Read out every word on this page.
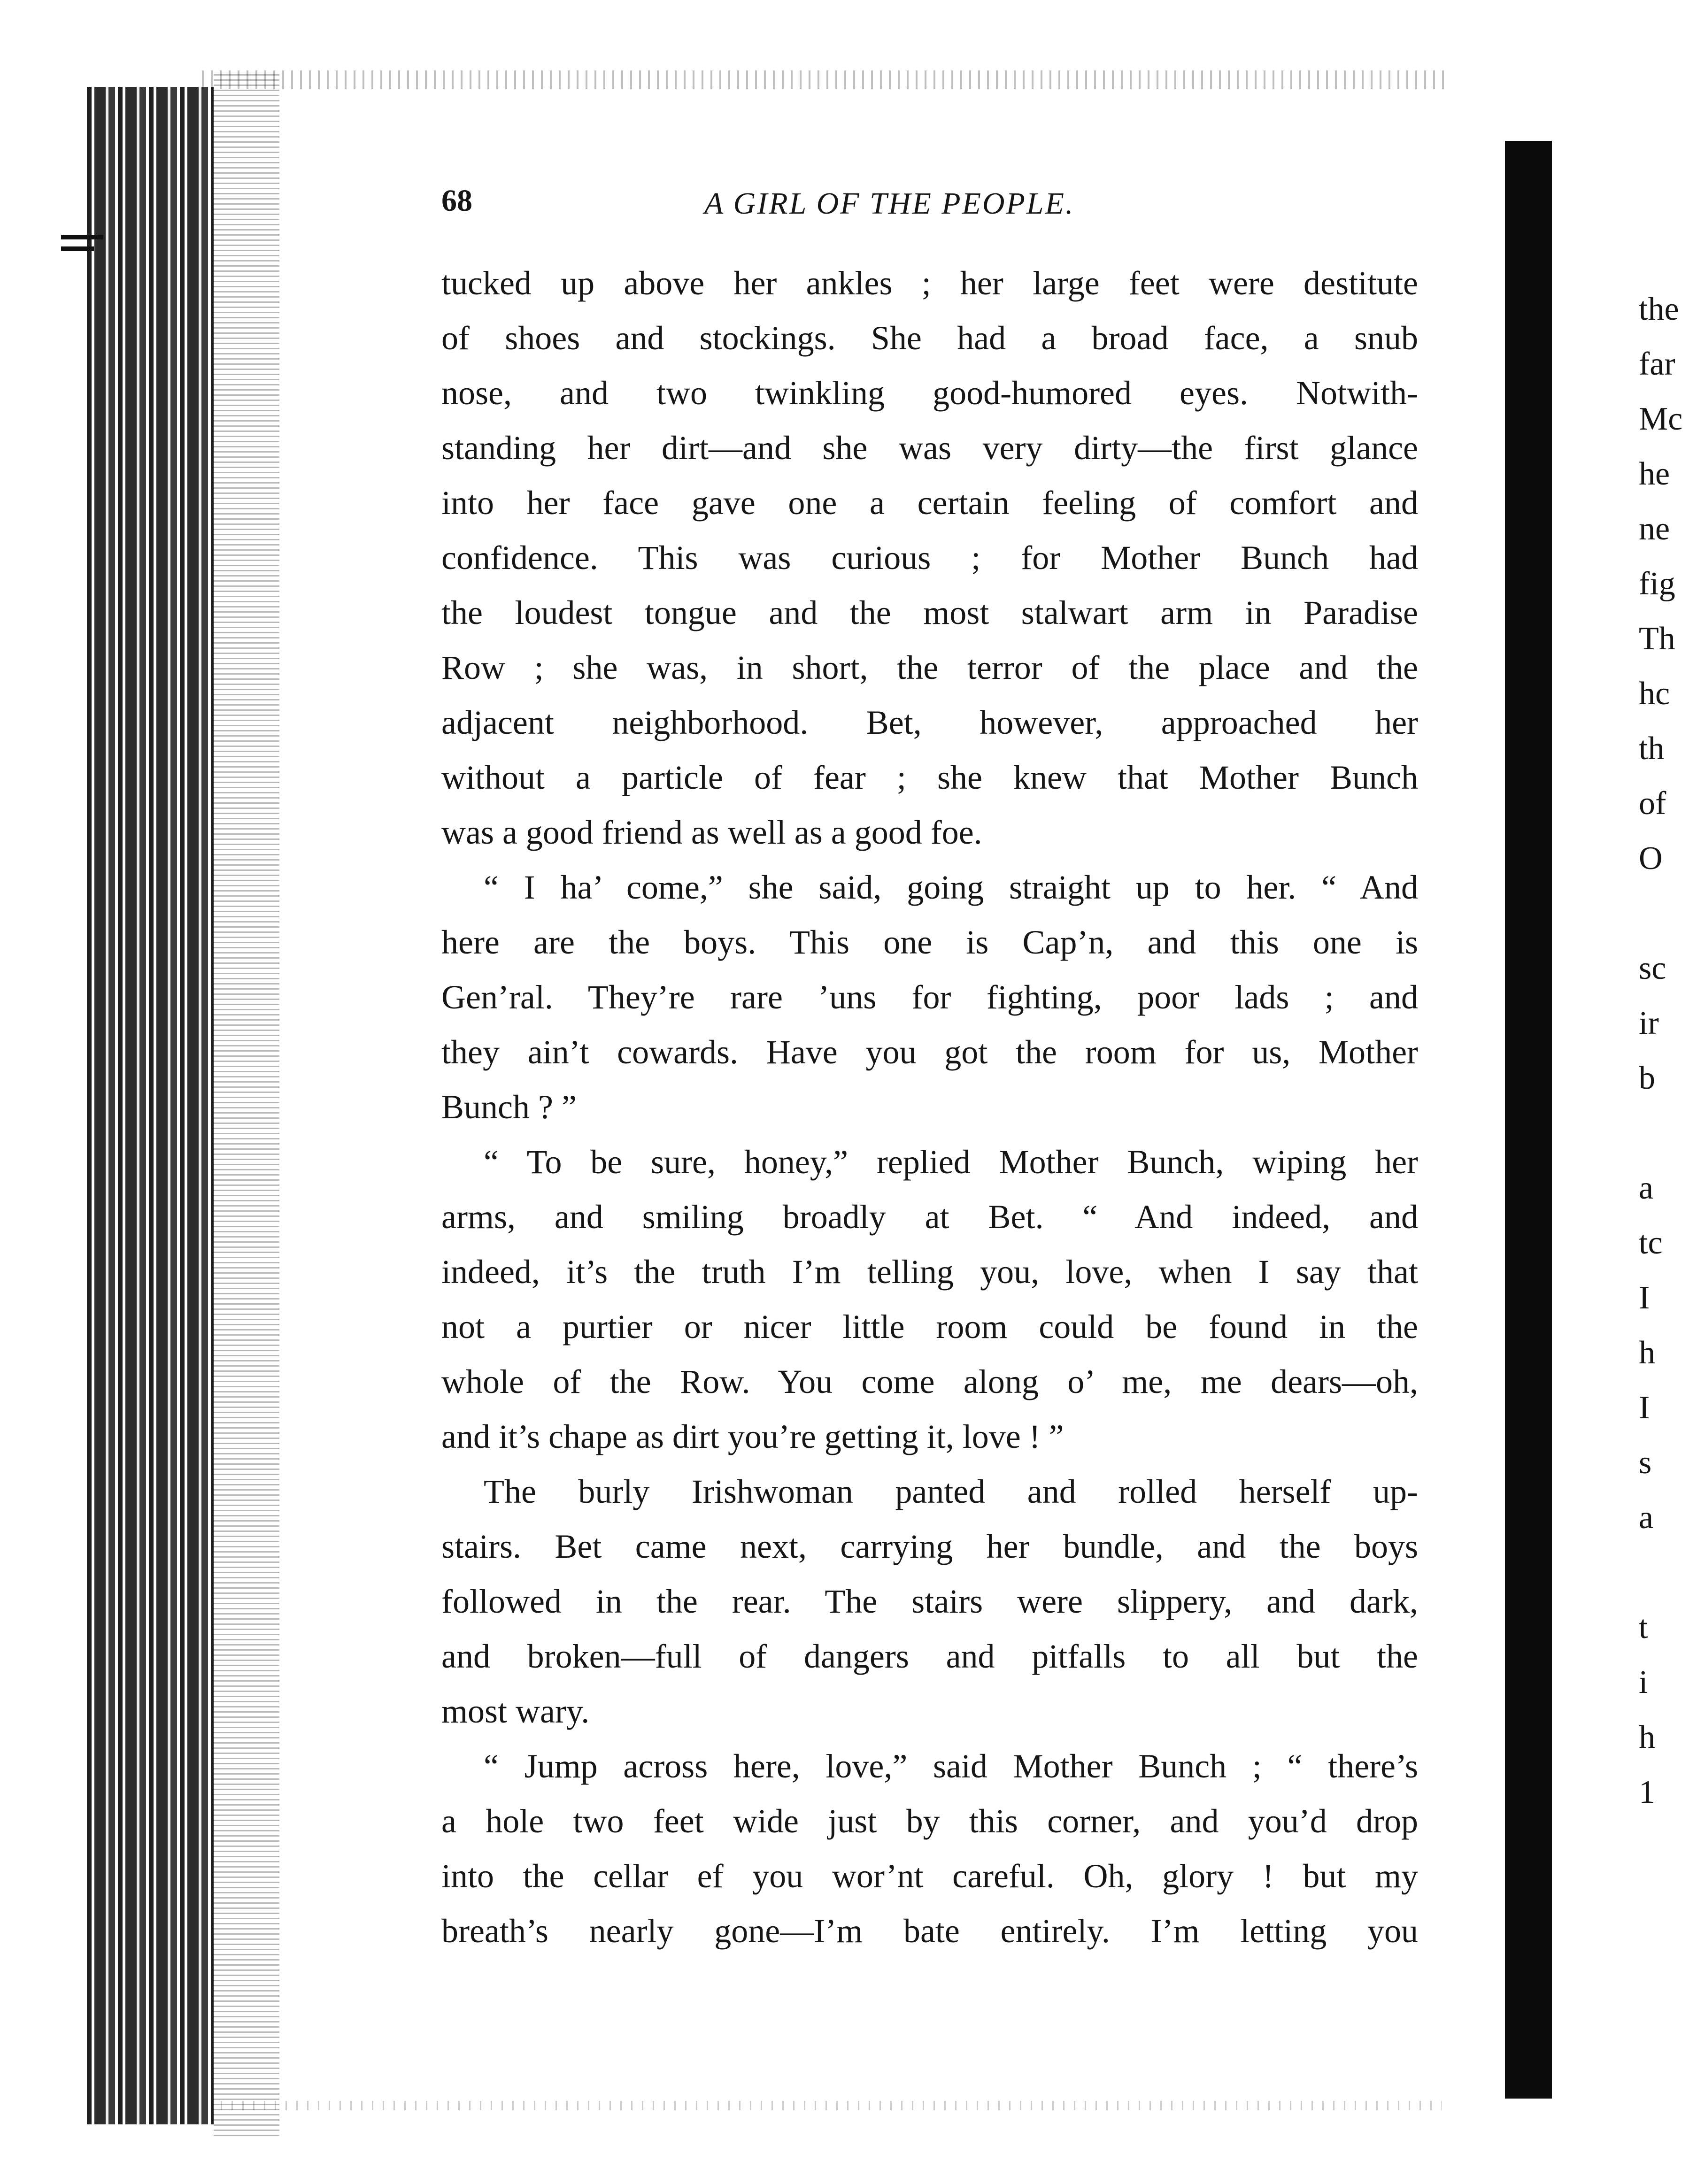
68	A GIRL OF THE PEOPLE.
tucked up above her ankles ; her large feet were destitute
of shoes and stockings. She had a broad face, a snub
nose, and two twinkling good-humored eyes. Notwith-
standing her dirt—and she was very dirty—the first glance
into her face gave one a certain feeling of comfort and
confidence. This was curious ; for Mother Bunch had
the loudest tongue and the most stalwart arm in Paradise
Row ; she was, in short, the terror of the place and the
adjacent neighborhood. Bet, however, approached her
without a particle of fear ; she knew that Mother Bunch
was a good friend as well as a good foe.
“ I ha’ come,” she said, going straight up to her. “ And
here are the boys. This one is Cap’n, and this one is
Gen’ral. They’re rare ’uns for fighting, poor lads ; and
they ain’t cowards. Have you got the room for us, Mother
Bunch ? ”
“ To be sure, honey,” replied Mother Bunch, wiping her
arms, and smiling broadly at Bet. “ And indeed, and
indeed, it’s the truth I’m telling you, love, when I say that
not a purtier or nicer little room could be found in the
whole of the Row. You come along o’ me, me dears—oh,
and it’s chape as dirt you’re getting it, love ! ”
The burly Irishwoman panted and rolled herself up-
stairs. Bet came next, carrying her bundle, and the boys
followed in the rear. The stairs were slippery, and dark,
and broken—full of dangers and pitfalls to all but the
most wary.
“ Jump across here, love,” said Mother Bunch ; “ there’s
a hole two feet wide just by this corner, and you’d drop
into the cellar ef you wor’nt careful. Oh, glory ! but my
breath’s nearly gone—I’m bate entirely. I’m letting you
the
far
Mc
he
ne
fig
Th
hc
th
of
O
sc
ir
b
a
tc
I
h
I
s
a
t
i
h
1
